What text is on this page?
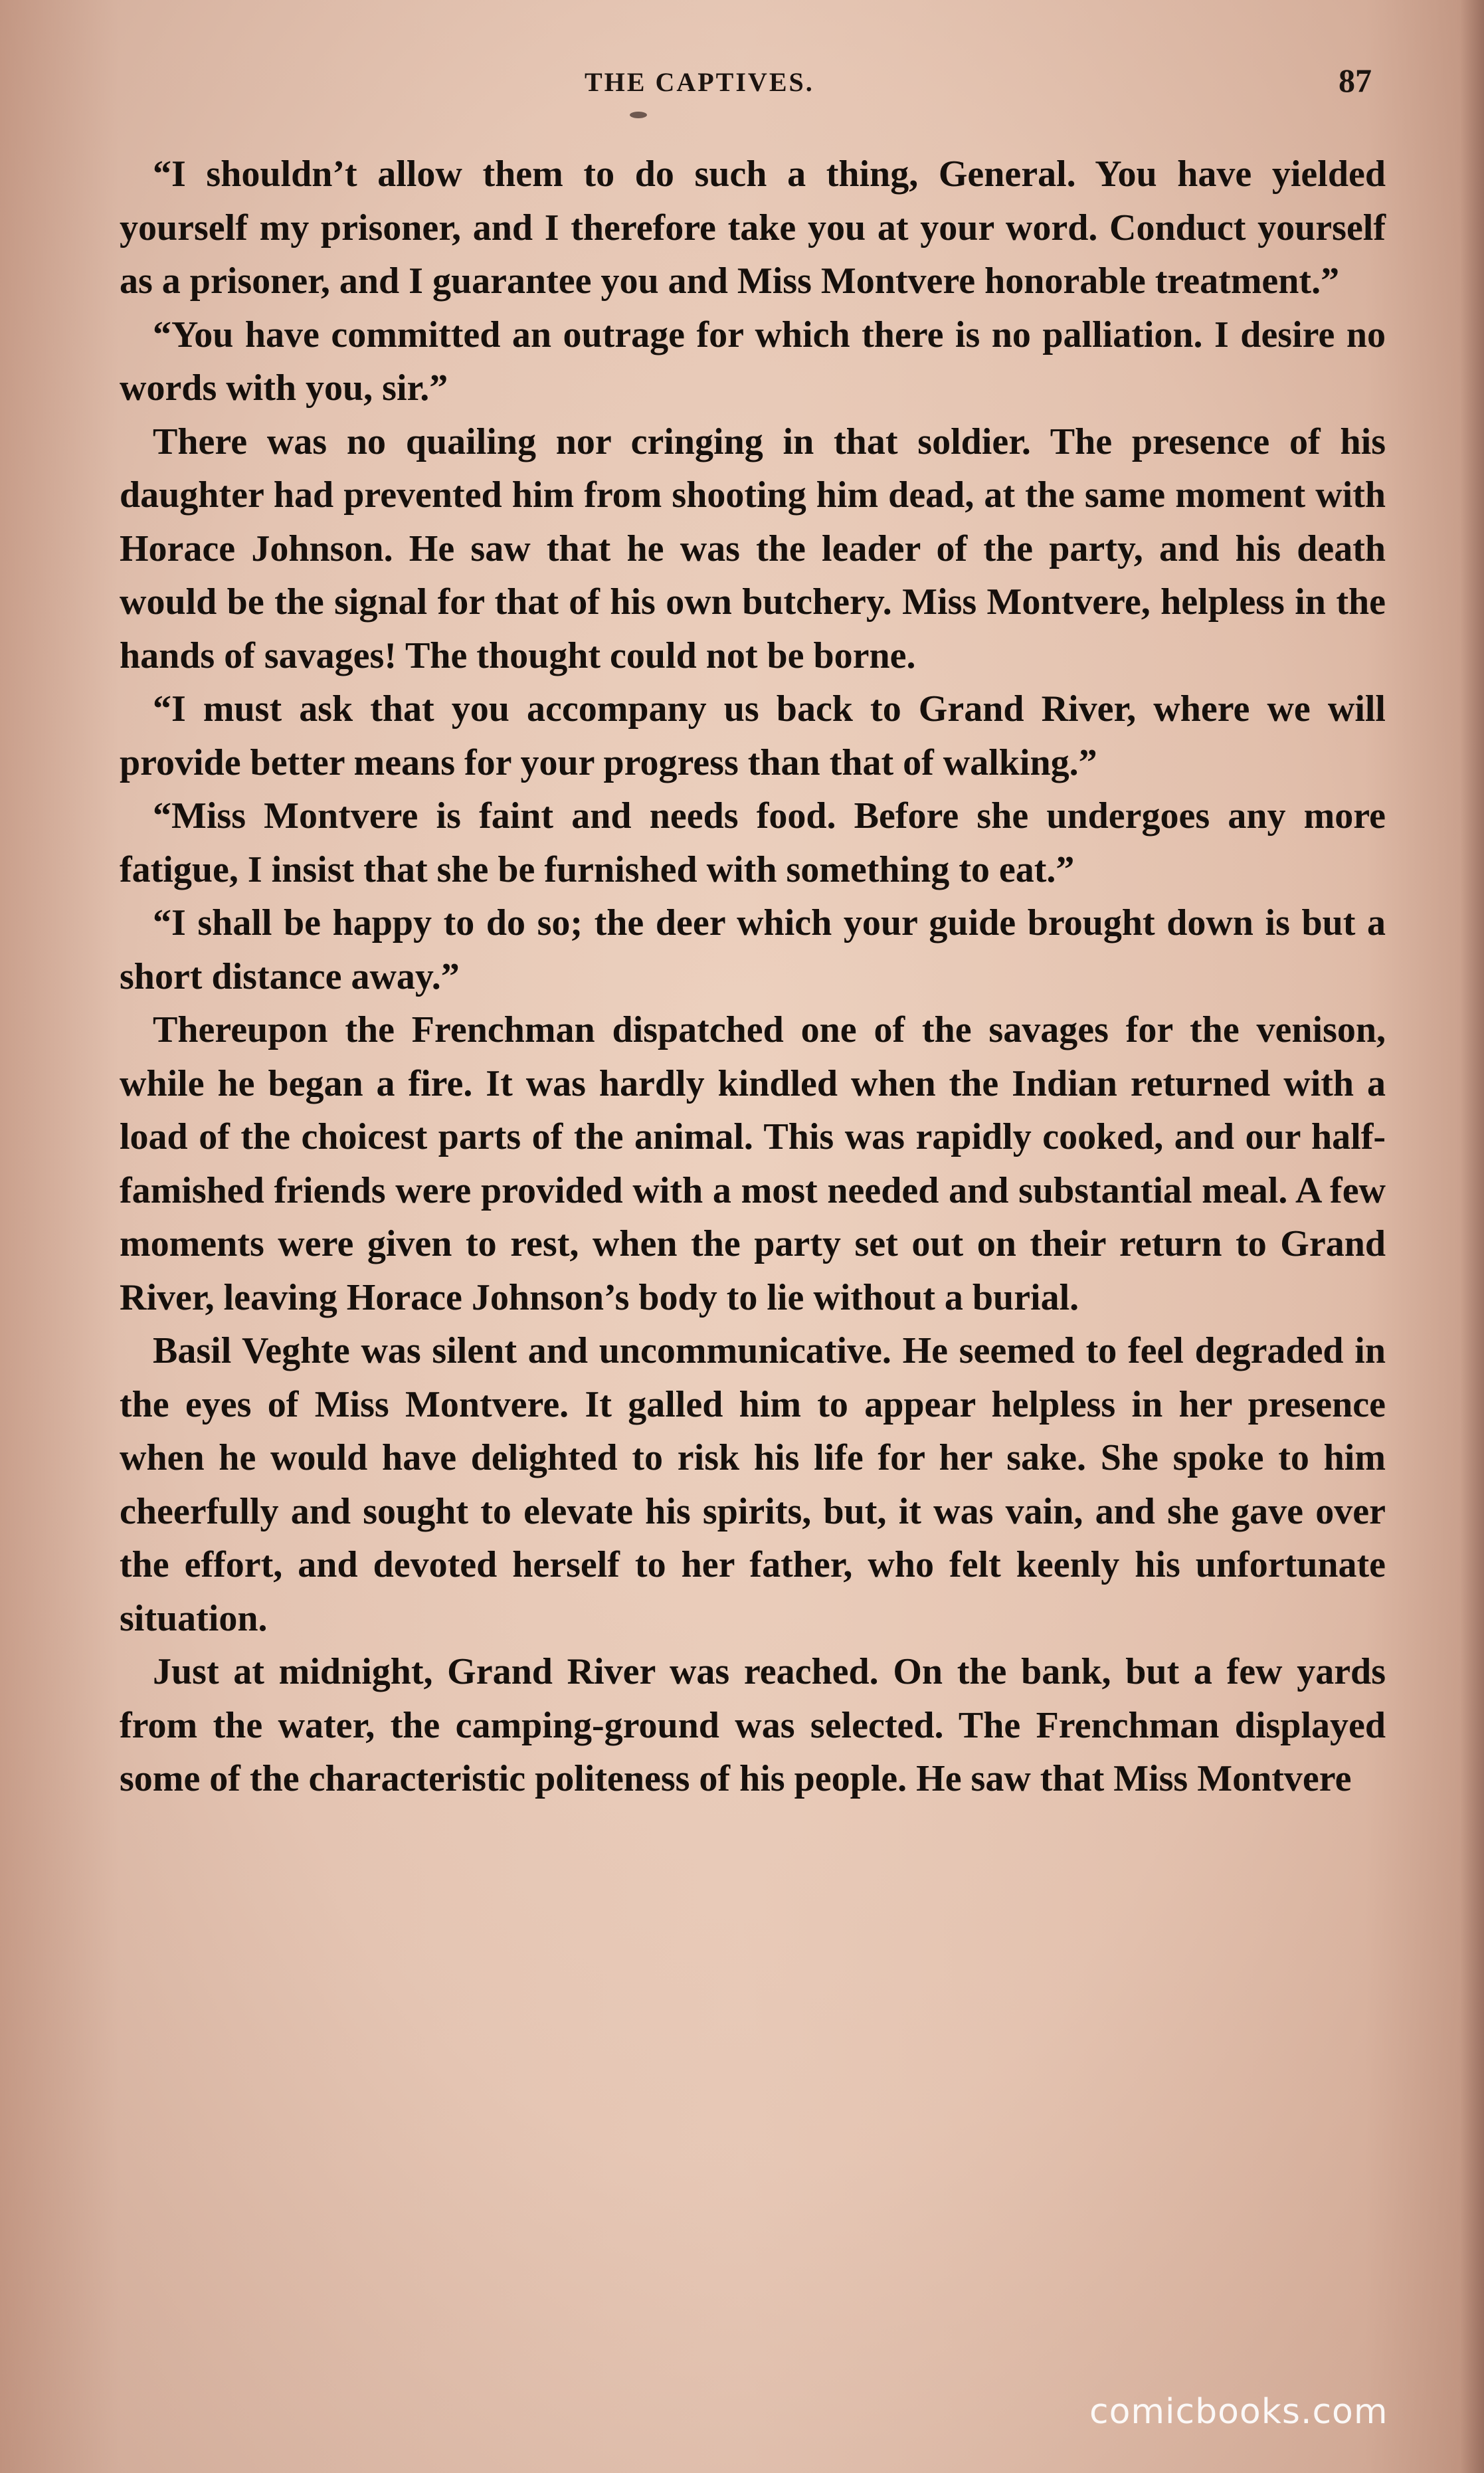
THE CAPTIVES.	87

“I shouldn’t allow them to do such a thing, General. You have yielded yourself my prisoner, and I therefore take you at your word. Conduct yourself as a prisoner, and I guarantee you and Miss Montvere honorable treatment.”

“You have committed an outrage for which there is no palliation. I desire no words with you, sir.”

There was no quailing nor cringing in that soldier. The presence of his daughter had prevented him from shooting him dead, at the same moment with Horace Johnson. He saw that he was the leader of the party, and his death would be the signal for that of his own butchery. Miss Montvere, helpless in the hands of savages! The thought could not be borne.

“I must ask that you accompany us back to Grand River, where we will provide better means for your progress than that of walking.”

“Miss Montvere is faint and needs food. Before she undergoes any more fatigue, I insist that she be furnished with something to eat.”

“I shall be happy to do so; the deer which your guide brought down is but a short distance away.”

Thereupon the Frenchman dispatched one of the savages for the venison, while he began a fire. It was hardly kindled when the Indian returned with a load of the choicest parts of the animal. This was rapidly cooked, and our half-famished friends were provided with a most needed and substantial meal. A few moments were given to rest, when the party set out on their return to Grand River, leaving Horace Johnson’s body to lie without a burial.

Basil Veghte was silent and uncommunicative. He seemed to feel degraded in the eyes of Miss Montvere. It galled him to appear helpless in her presence when he would have delighted to risk his life for her sake. She spoke to him cheerfully and sought to elevate his spirits, but, it was vain, and she gave over the effort, and devoted herself to her father, who felt keenly his unfortunate situation.

Just at midnight, Grand River was reached. On the bank, but a few yards from the water, the camping-ground was selected. The Frenchman displayed some of the characteristic politeness of his people. He saw that Miss Montvere

comicbooks.com
